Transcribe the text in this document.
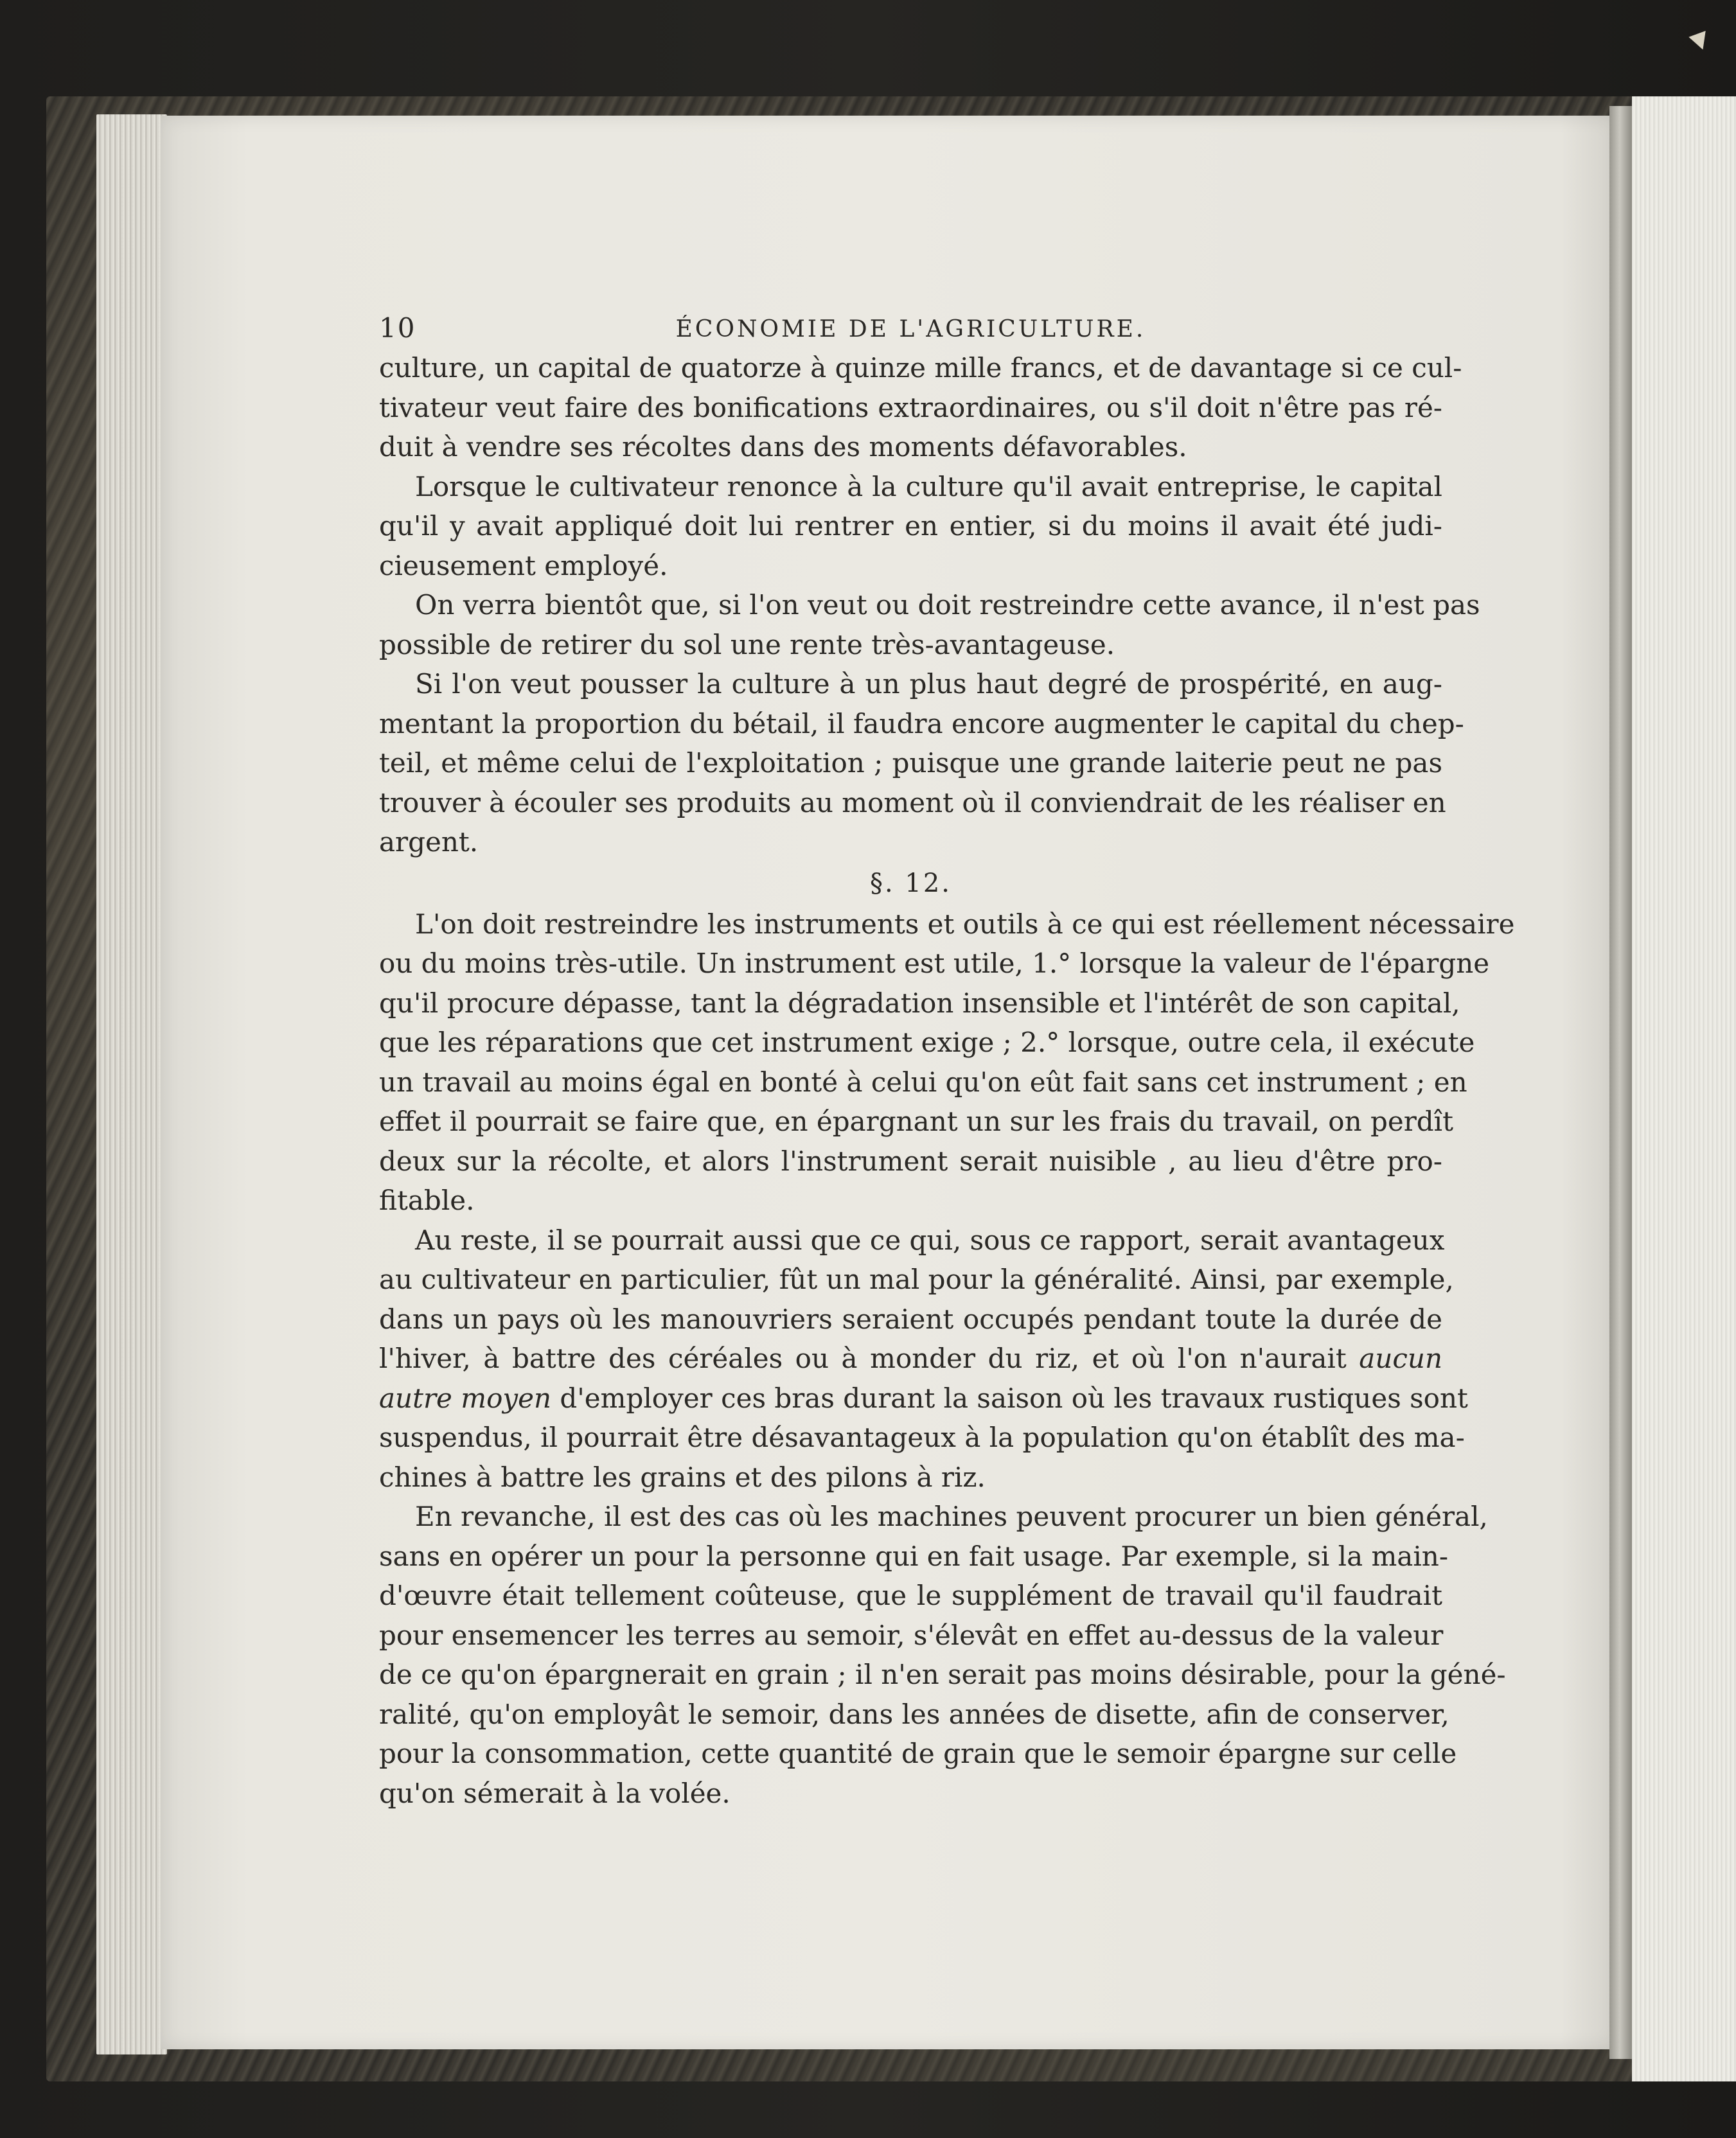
10	ÉCONOMIE DE L'AGRICULTURE.

culture, un capital de quatorze à quinze mille francs, et de davantage si ce cul-
tivateur veut faire des bonifications extraordinaires, ou s'il doit n'être pas ré-
duit à vendre ses récoltes dans des moments défavorables.

Lorsque le cultivateur renonce à la culture qu'il avait entreprise, le capital
qu'il y avait appliqué doit lui rentrer en entier, si du moins il avait été judi-
cieusement employé.

On verra bientôt que, si l'on veut ou doit restreindre cette avance, il n'est pas
possible de retirer du sol une rente très-avantageuse.

Si l'on veut pousser la culture à un plus haut degré de prospérité, en aug-
mentant la proportion du bétail, il faudra encore augmenter le capital du chep-
teil, et même celui de l'exploitation ; puisque une grande laiterie peut ne pas
trouver à écouler ses produits au moment où il conviendrait de les réaliser en
argent.

§. 12.

L'on doit restreindre les instruments et outils à ce qui est réellement nécessaire
ou du moins très-utile. Un instrument est utile, 1.° lorsque la valeur de l'épargne
qu'il procure dépasse, tant la dégradation insensible et l'intérêt de son capital,
que les réparations que cet instrument exige ; 2.° lorsque, outre cela, il exécute
un travail au moins égal en bonté à celui qu'on eût fait sans cet instrument ; en
effet il pourrait se faire que, en épargnant un sur les frais du travail, on perdît
deux sur la récolte, et alors l'instrument serait nuisible , au lieu d'être pro-
fitable.

Au reste, il se pourrait aussi que ce qui, sous ce rapport, serait avantageux
au cultivateur en particulier, fût un mal pour la généralité. Ainsi, par exemple,
dans un pays où les manouvriers seraient occupés pendant toute la durée de
l'hiver, à battre des céréales ou à monder du riz, et où l'on n'aurait aucun
autre moyen d'employer ces bras durant la saison où les travaux rustiques sont
suspendus, il pourrait être désavantageux à la population qu'on établît des ma-
chines à battre les grains et des pilons à riz.

En revanche, il est des cas où les machines peuvent procurer un bien général,
sans en opérer un pour la personne qui en fait usage. Par exemple, si la main-
d'œuvre était tellement coûteuse, que le supplément de travail qu'il faudrait
pour ensemencer les terres au semoir, s'élevât en effet au-dessus de la valeur
de ce qu'on épargnerait en grain ; il n'en serait pas moins désirable, pour la géné-
ralité, qu'on employât le semoir, dans les années de disette, afin de conserver,
pour la consommation, cette quantité de grain que le semoir épargne sur celle
qu'on sémerait à la volée.
